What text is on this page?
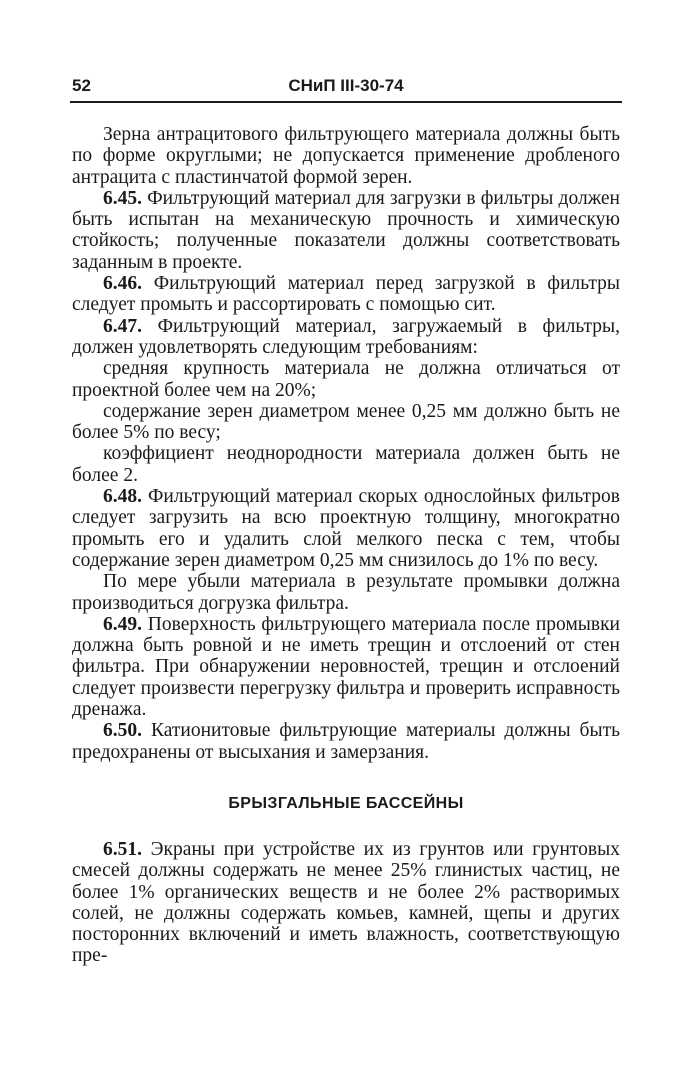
52	СНиП III-30-74

Зерна антрацитового фильтрующего материала должны быть по форме округлыми; не допускается применение дробленого антрацита с пластинчатой формой зерен.

6.45. Фильтрующий материал для загрузки в фильтры должен быть испытан на механическую прочность и химическую стойкость; полученные показатели должны соответствовать заданным в проекте.

6.46. Фильтрующий материал перед загрузкой в фильтры следует промыть и рассортировать с помощью сит.

6.47. Фильтрующий материал, загружаемый в фильтры, должен удовлетворять следующим требованиям:

средняя крупность материала не должна отличаться от проектной более чем на 20%;

содержание зерен диаметром менее 0,25 мм должно быть не более 5% по весу;

коэффициент неоднородности материала должен быть не более 2.

6.48. Фильтрующий материал скорых однослойных фильтров следует загрузить на всю проектную толщину, многократно промыть его и удалить слой мелкого песка с тем, чтобы содержание зерен диаметром 0,25 мм снизилось до 1% по весу.

По мере убыли материала в результате промывки должна производиться догрузка фильтра.

6.49. Поверхность фильтрующего материала после промывки должна быть ровной и не иметь трещин и отслоений от стен фильтра. При обнаружении неровностей, трещин и отслоений следует произвести перегрузку фильтра и проверить исправность дренажа.

6.50. Катионитовые фильтрующие материалы должны быть предохранены от высыхания и замерзания.

БРЫЗГАЛЬНЫЕ БАССЕЙНЫ

6.51. Экраны при устройстве их из грунтов или грунтовых смесей должны содержать не менее 25% глинистых частиц, не более 1% органических веществ и не более 2% растворимых солей, не должны содержать комьев, камней, щепы и других посторонних включений и иметь влажность, соответствующую пре-
